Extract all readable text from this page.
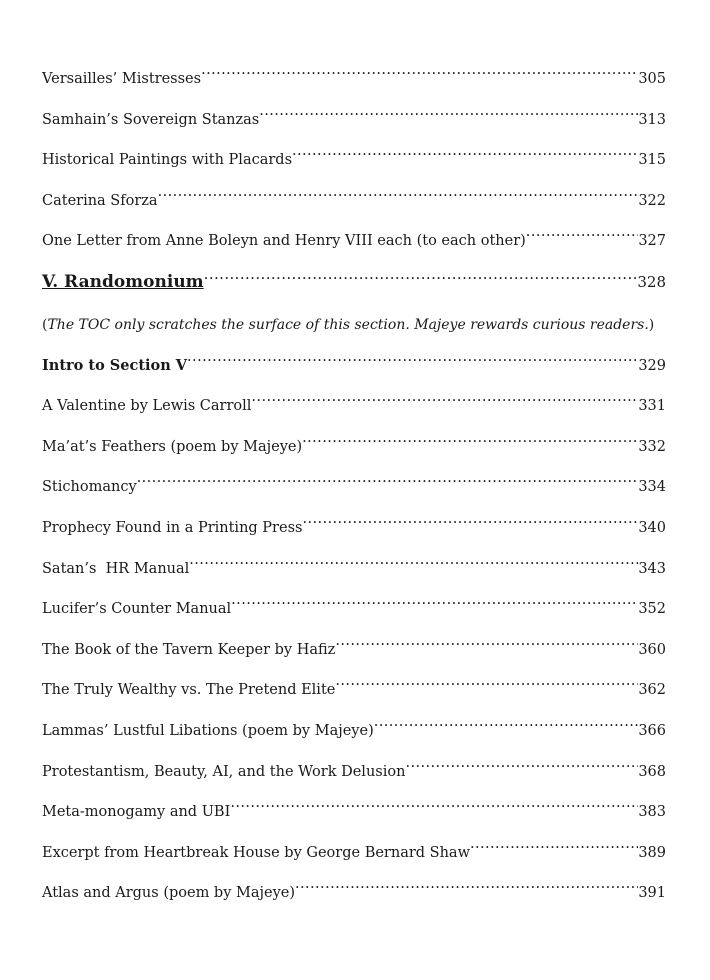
Versailles’ Mistresses .....	305
Samhain’s Sovereign Stanzas .....	313
Historical Paintings with Placards .....	315
Caterina Sforza .....	322
One Letter from Anne Boleyn and Henry VIII each (to each other) .....	327
V. Randomonium .....	328
(The TOC only scratches the surface of this section. Majeye rewards curious readers.)
Intro to Section V .....	329
A Valentine by Lewis Carroll .....	331
Ma’at’s Feathers (poem by Majeye) .....	332
Stichomancy .....	334
Prophecy Found in a Printing Press .....	340
Satan’s  HR Manual .....	343
Lucifer’s Counter Manual .....	352
The Book of the Tavern Keeper by Hafiz .....	360
The Truly Wealthy vs. The Pretend Elite .....	362
Lammas’ Lustful Libations (poem by Majeye) .....	366
Protestantism, Beauty, AI, and the Work Delusion .....	368
Meta-monogamy and UBI .....	383
Excerpt from Heartbreak House by George Bernard Shaw .....	389
Atlas and Argus (poem by Majeye) .....	391
